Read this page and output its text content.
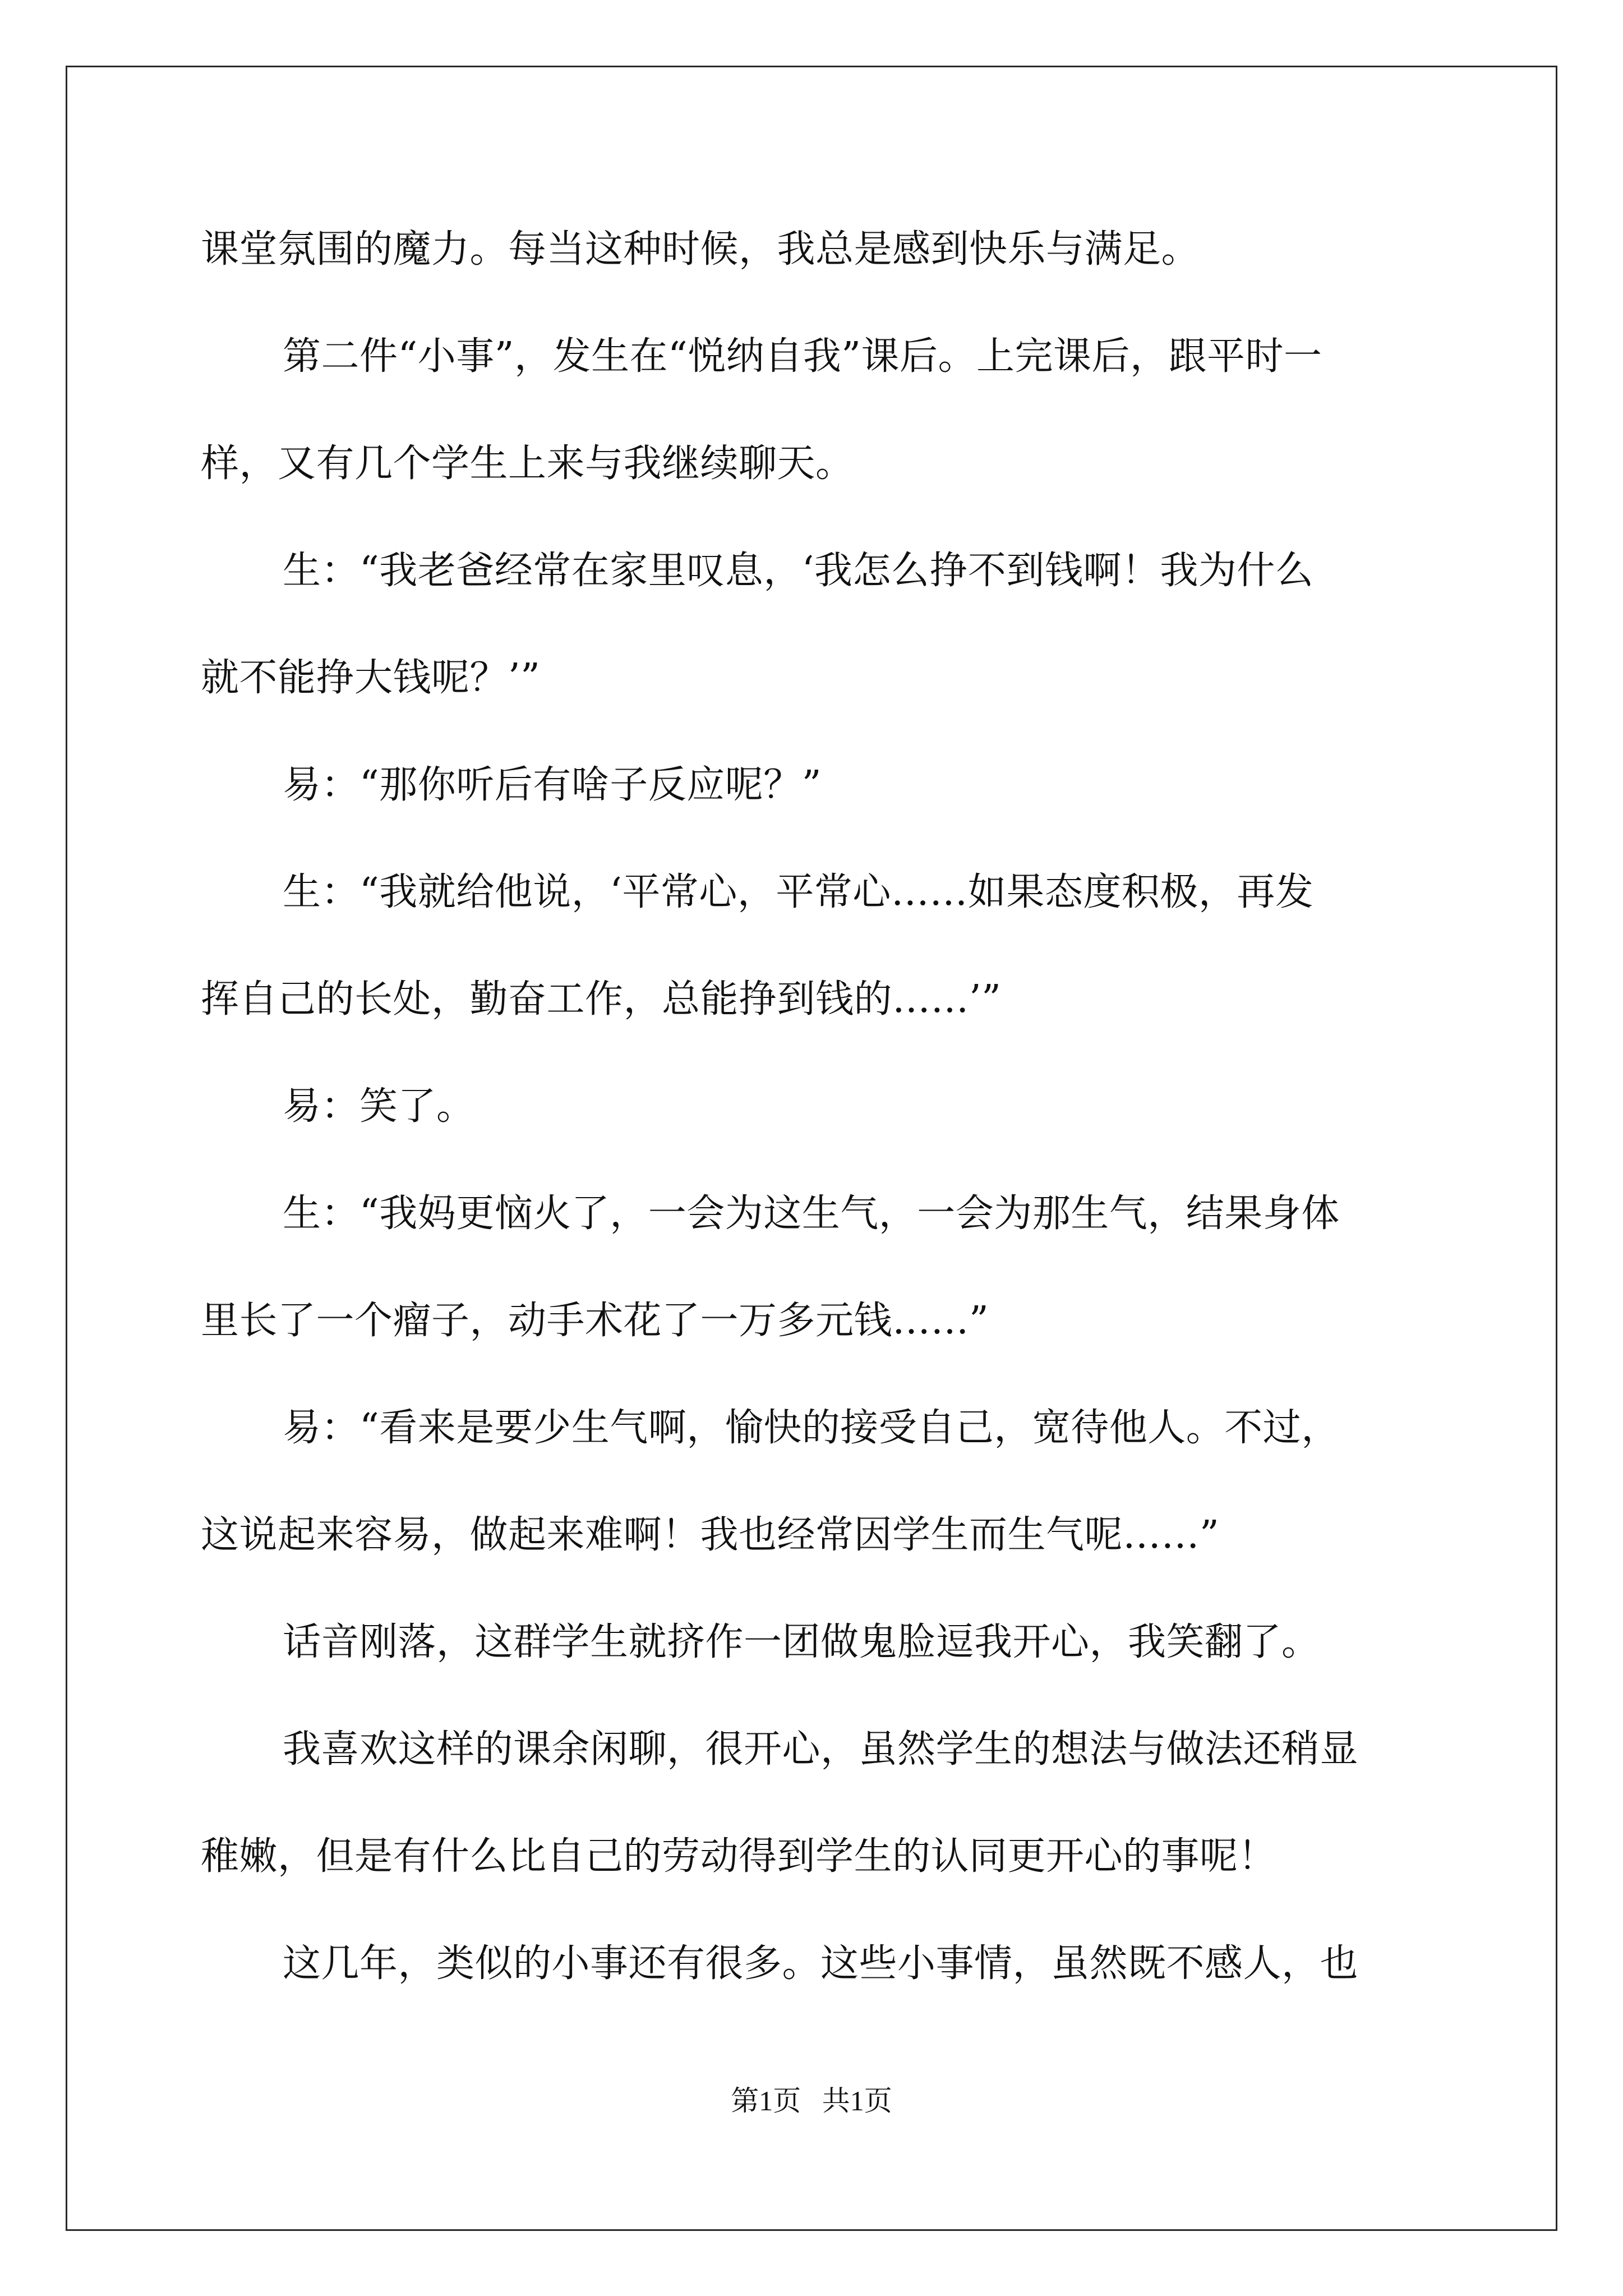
课堂氛围的魔力。每当这种时候，我总是感到快乐与满足。
第二件“小事”，发生在“悦纳自我”课后。上完课后，跟平时一
样，又有几个学生上来与我继续聊天。
生：“我老爸经常在家里叹息，‘我怎么挣不到钱啊！我为什么
就不能挣大钱呢？’”
易：“那你听后有啥子反应呢？”
生：“我就给他说，‘平常心，平常心……如果态度积极，再发
挥自己的长处，勤奋工作，总能挣到钱的……’”
易：笑了。
生：“我妈更恼火了，一会为这生气，一会为那生气，结果身体
里长了一个瘤子，动手术花了一万多元钱……”
易：“看来是要少生气啊，愉快的接受自己，宽待他人。不过，
这说起来容易，做起来难啊！我也经常因学生而生气呢……”
话音刚落，这群学生就挤作一团做鬼脸逗我开心，我笑翻了。
我喜欢这样的课余闲聊，很开心，虽然学生的想法与做法还稍显
稚嫩，但是有什么比自己的劳动得到学生的认同更开心的事呢！
这几年，类似的小事还有很多。这些小事情，虽然既不感人，也
第1页   共1页
